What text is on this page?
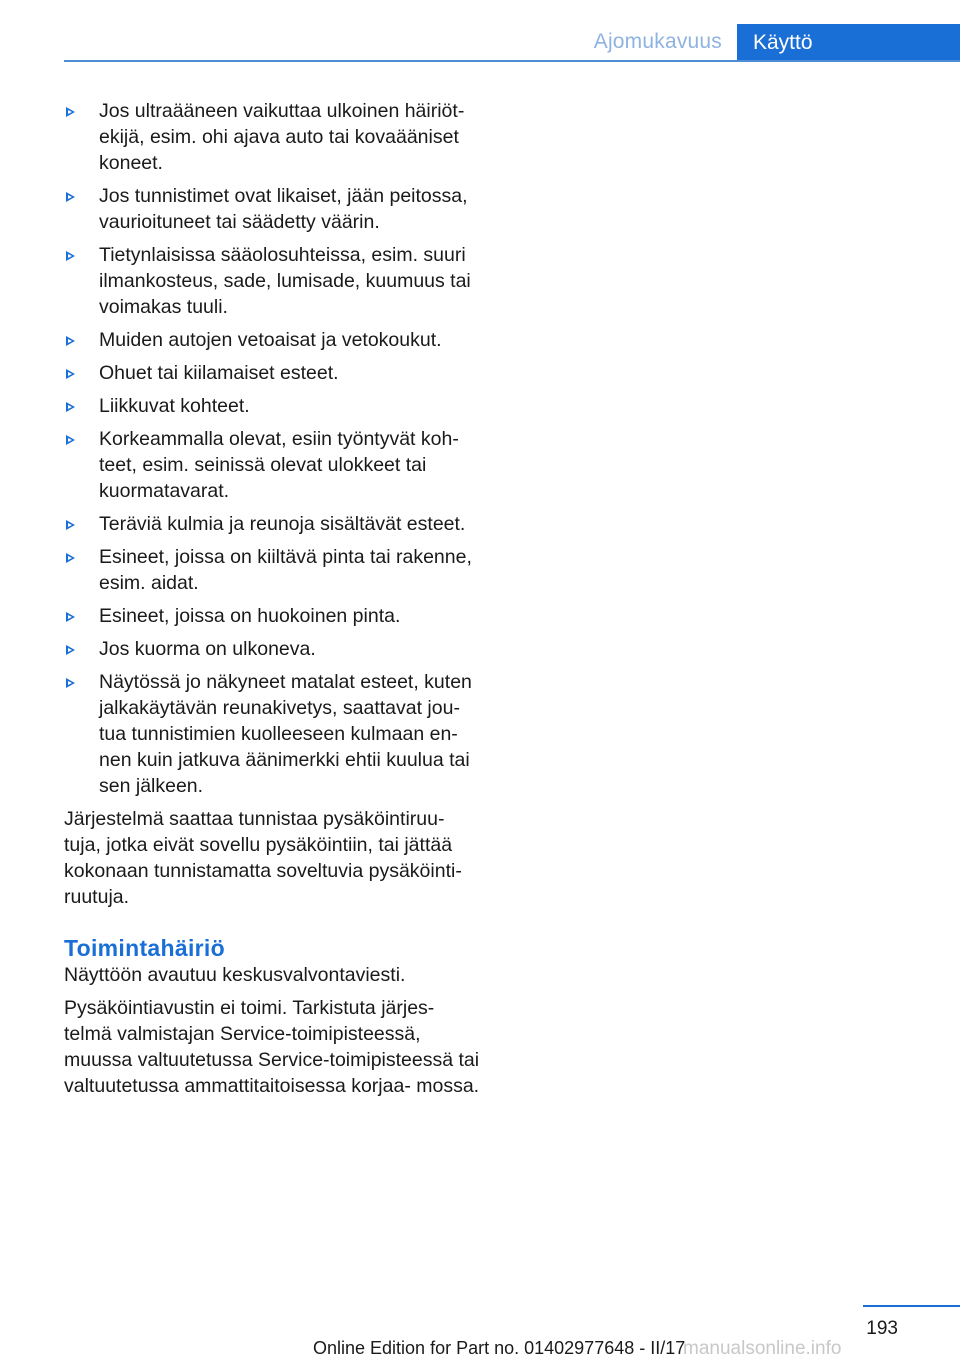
Ajomukavuus	Käyttö
Jos ultraääneen vaikuttaa ulkoinen häiriöt‐ ekijä, esim. ohi ajava auto tai kovaääniset koneet.
Jos tunnistimet ovat likaiset, jään peitossa, vaurioituneet tai säädetty väärin.
Tietynlaisissa sääolosuhteissa, esim. suuri ilmankosteus, sade, lumisade, kuumuus tai voimakas tuuli.
Muiden autojen vetoaisat ja vetokoukut.
Ohuet tai kiilamaiset esteet.
Liikkuvat kohteet.
Korkeammalla olevat, esiin työntyvät koh‐ teet, esim. seinissä olevat ulokkeet tai kuormatavarat.
Teräviä kulmia ja reunoja sisältävät esteet.
Esineet, joissa on kiiltävä pinta tai rakenne, esim. aidat.
Esineet, joissa on huokoinen pinta.
Jos kuorma on ulkoneva.
Näytössä jo näkyneet matalat esteet, kuten jalkakäytävän reunakivetys, saattavat jou‐ tua tunnistimien kuolleeseen kulmaan en‐ nen kuin jatkuva äänimerkki ehtii kuulua tai sen jälkeen.

Järjestelmä saattaa tunnistaa pysäköintiruu‐ tuja, jotka eivät sovellu pysäköintiin, tai jättää kokonaan tunnistamatta soveltuvia pysäköinti‐ ruutuja.

Toimintahäiriö

Näyttöön avautuu keskusvalvontaviesti.

Pysäköintiavustin ei toimi. Tarkistuta järjes‐ telmä valmistajan Service-toimipisteessä, muussa valtuutetussa Service-toimipisteessä tai valtuutetussa ammattitaitoisessa korjaa‐ mossa.

193
Online Edition for Part no. 01402977648 - II/17
manualsonline.info
